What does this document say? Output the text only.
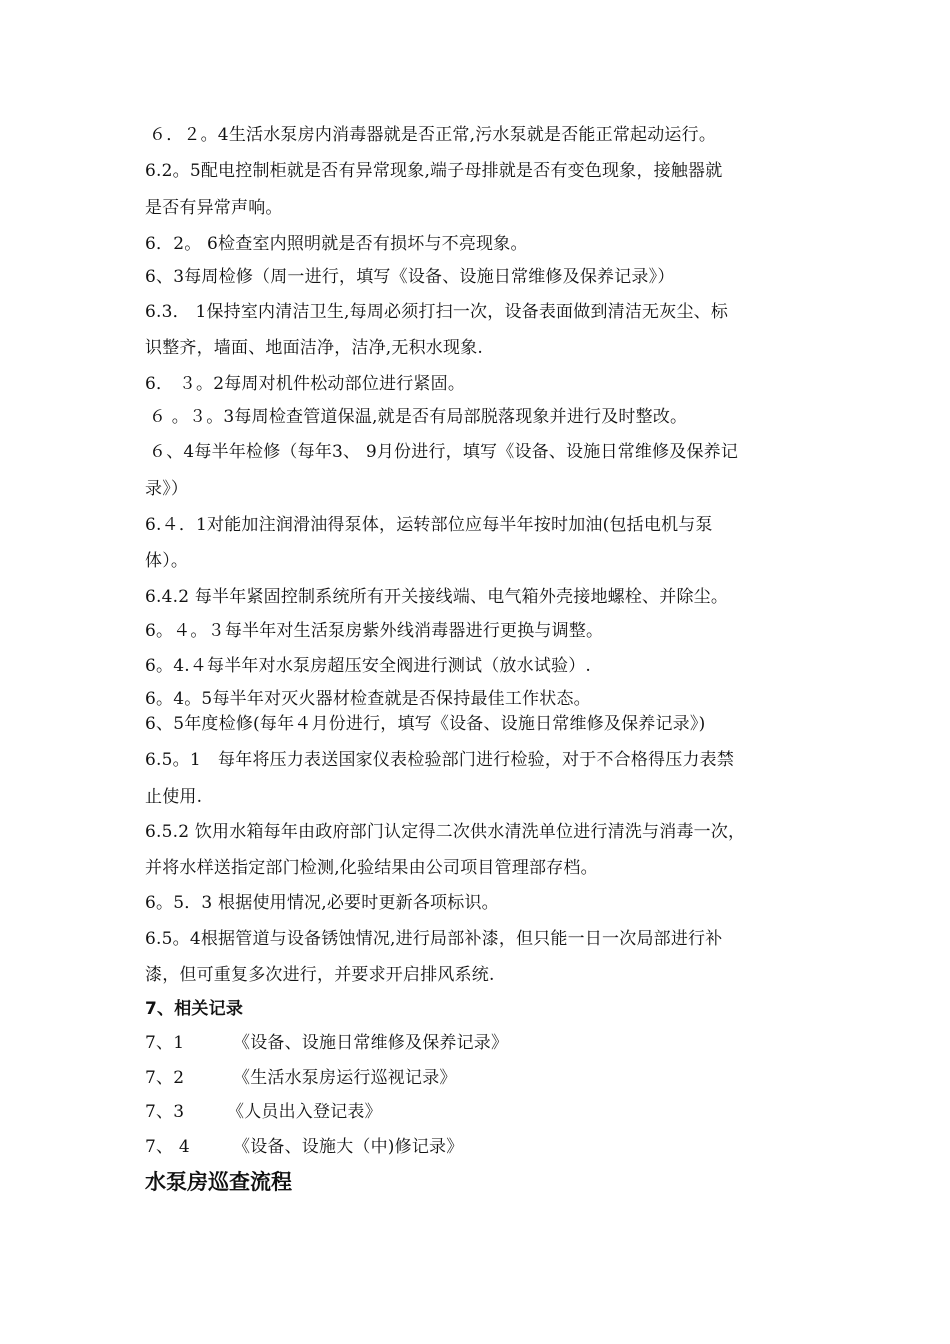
６．２。4生活水泵房内消毒器就是否正常,污水泵就是否能正常起动运行。
6.2。5配电控制柜就是否有异常现象,端子母排就是否有变色现象，接触器就
是否有异常声响。
6．2。 6检查室内照明就是否有损坏与不亮现象。
6、3每周检修（周一进行，填写《设备、设施日常维修及保养记录》）
6.3． 1保持室内清洁卫生,每周必须打扫一次，设备表面做到清洁无灰尘、标
识整齐，墙面、地面洁净，洁净,无积水现象.
6． ３。2每周对机件松动部位进行紧固。
６ 。３。3每周检查管道保温,就是否有局部脱落现象并进行及时整改。
６、4每半年检修（每年3、 9月份进行，填写《设备、设施日常维修及保养记
录》）
6.４．1对能加注润滑油得泵体，运转部位应每半年按时加油(包括电机与泵
体）。
6.4.2 每半年紧固控制系统所有开关接线端、电气箱外壳接地螺栓、并除尘。
6。４。３每半年对生活泵房紫外线消毒器进行更换与调整。
6。4.４每半年对水泵房超压安全阀进行测试（放水试验）.
6。4。5每半年对灭火器材检查就是否保持最佳工作状态。
6、5年度检修(每年４月份进行，填写《设备、设施日常维修及保养记录》)
6.5。1　每年将压力表送国家仪表检验部门进行检验，对于不合格得压力表禁
止使用.
6.5.2 饮用水箱每年由政府部门认定得二次供水清洗单位进行清洗与消毒一次，
并将水样送指定部门检测,化验结果由公司项目管理部存档。
6。5．3 根据使用情况,必要时更新各项标识。
6.5。4根据管道与设备锈蚀情况,进行局部补漆，但只能一日一次局部进行补
漆，但可重复多次进行，并要求开启排风系统.
7、相关记录
7、1	《设备、设施日常维修及保养记录》
7、2	《生活水泵房运行巡视记录》
7、3	《人员出入登记表》
7、 4	《设备、设施大（中)修记录》
水泵房巡查流程
